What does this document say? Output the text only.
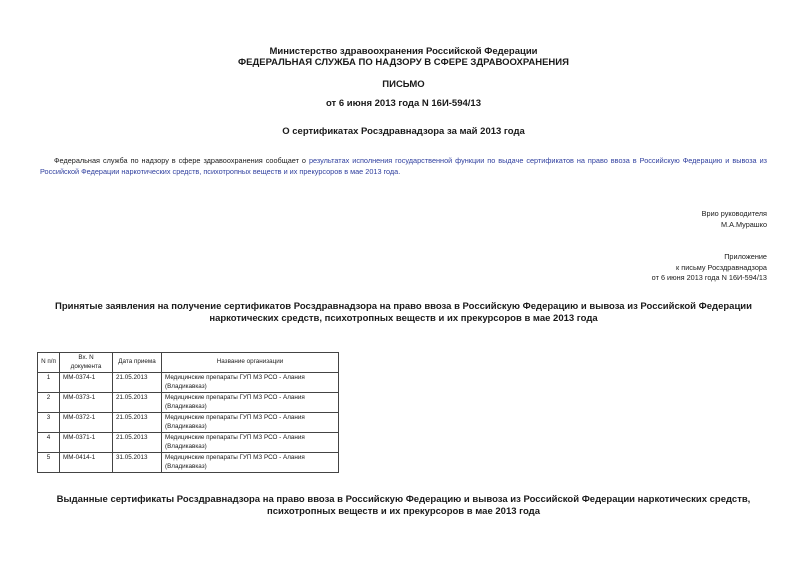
Министерство здравоохранения Российской Федерации
ФЕДЕРАЛЬНАЯ СЛУЖБА ПО НАДЗОРУ В СФЕРЕ ЗДРАВООХРАНЕНИЯ
ПИСЬМО
от 6 июня 2013 года N 16И-594/13
О сертификатах Росздравнадзора за май 2013 года
Федеральная служба по надзору в сфере здравоохранения сообщает о результатах исполнения государственной функции по выдаче сертификатов на право ввоза в Российскую Федерацию и вывоза из Российской Федерации наркотических средств, психотропных веществ и их прекурсоров в мае 2013 года.
Врио руководителя
М.А.Мурашко
Приложение
к письму Росздравнадзора
от 6 июня 2013 года N 16И-594/13
Принятые заявления на получение сертификатов Росздравнадзора на право ввоза в Российскую Федерацию и вывоза из Российской Федерации наркотических средств, психотропных веществ и их прекурсоров в мае 2013 года
N п/п	Вх. N документа	Дата приема	Название организации
1	ММ-0374-1	21.05.2013	Медицинские препараты ГУП МЗ РСО - Алания (Владикавказ)
2	ММ-0373-1	21.05.2013	Медицинские препараты ГУП МЗ РСО - Алания (Владикавказ)
3	ММ-0372-1	21.05.2013	Медицинские препараты ГУП МЗ РСО - Алания (Владикавказ)
4	ММ-0371-1	21.05.2013	Медицинские препараты ГУП МЗ РСО - Алания (Владикавказ)
5	ММ-0414-1	31.05.2013	Медицинские препараты ГУП МЗ РСО - Алания (Владикавказ)
Выданные сертификаты Росздравнадзора на право ввоза в Российскую Федерацию и вывоза из Российской Федерации наркотических средств, психотропных веществ и их прекурсоров в мае 2013 года
